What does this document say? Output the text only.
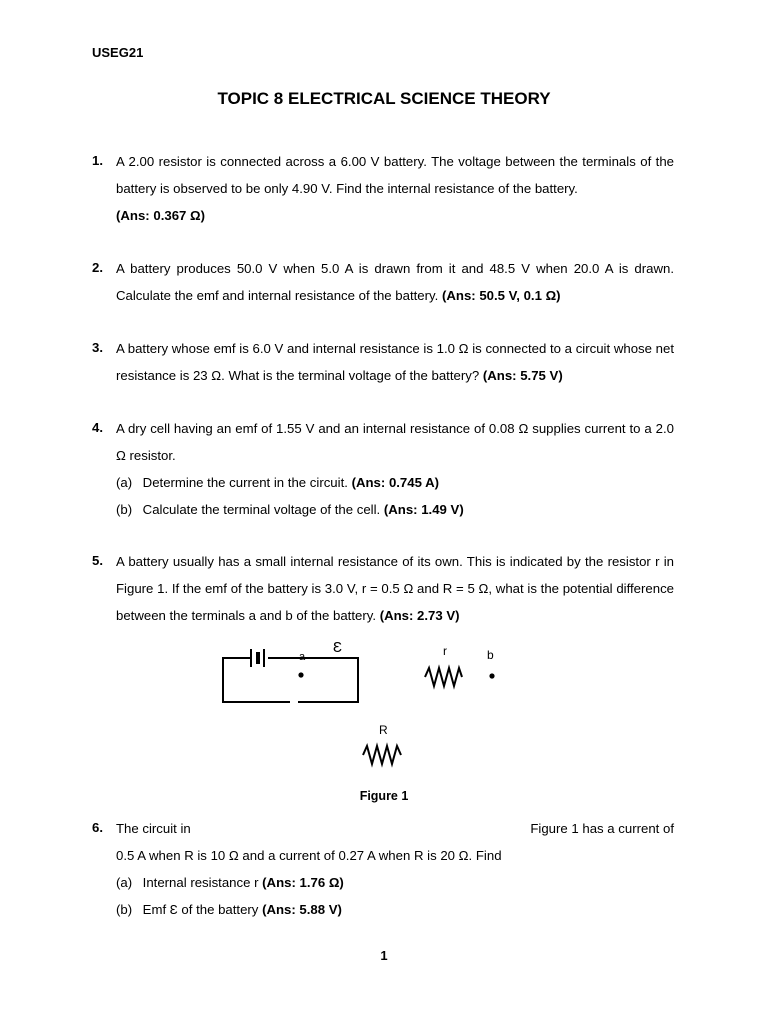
USEG21
TOPIC 8 ELECTRICAL SCIENCE THEORY
1. A 2.00 resistor is connected across a 6.00 V battery. The voltage between the terminals of the battery is observed to be only 4.90 V. Find the internal resistance of the battery.
(Ans: 0.367 Ω)

2. A battery produces 50.0 V when 5.0 A is drawn from it and 48.5 V when 20.0 A is drawn. Calculate the emf and internal resistance of the battery. (Ans: 50.5 V, 0.1 Ω)

3. A battery whose emf is 6.0 V and internal resistance is 1.0 Ω is connected to a circuit whose net resistance is 23 Ω. What is the terminal voltage of the battery? (Ans: 5.75 V)

4. A dry cell having an emf of 1.55 V and an internal resistance of 0.08 Ω supplies current to a 2.0 Ω resistor.

(a) Determine the current in the circuit. (Ans: 0.745 A)
(b) Calculate the terminal voltage of the cell. (Ans: 1.49 V)
5. A battery usually has a small internal resistance of its own. This is indicated by the resistor r in Figure 1. If the emf of the battery is 3.0 V, r = 0.5 Ω and R = 5 Ω, what is the potential difference between the terminals a and b of the battery. (Ans: 2.73 V)

a
Ɛ	r	b
R
Figure 1
6. The circuit in	Figure 1 has a current of

0.5 A when R is 10 Ω and a current of 0.27 A when R is 20 Ω. Find

(a) Internal resistance r (Ans: 1.76 Ω)
(b) Emf Ɛ of the battery (Ans: 5.88 V)
1
